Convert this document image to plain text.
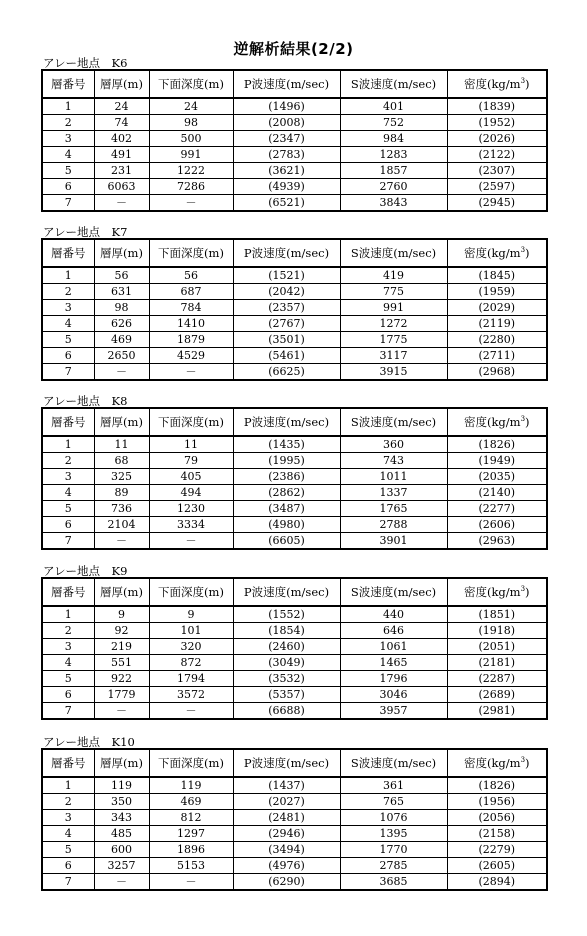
逆解析結果(2/2)
アレー地点　K6
層番号	層厚(m)	下面深度(m)	P波速度(m/sec)	S波速度(m/sec)	密度$(kg/m^3)$
1	24	24	(1496)	401	(1839)
2	74	98	(2008)	752	(1952)
3	402	500	(2347)	984	(2026)
4	491	991	(2783)	1283	(2122)
5	231	1222	(3621)	1857	(2307)
6	6063	7286	(4939)	2760	(2597)
7	－	－	(6521)	3843	(2945)
アレー地点　K7
層番号	層厚(m)	下面深度(m)	P波速度(m/sec)	S波速度(m/sec)	密度$(kg/m^3)$
1	56	56	(1521)	419	(1845)
2	631	687	(2042)	775	(1959)
3	98	784	(2357)	991	(2029)
4	626	1410	(2767)	1272	(2119)
5	469	1879	(3501)	1775	(2280)
6	2650	4529	(5461)	3117	(2711)
7	－	－	(6625)	3915	(2968)
アレー地点　K8
層番号	層厚(m)	下面深度(m)	P波速度(m/sec)	S波速度(m/sec)	密度$(kg/m^3)$
1	11	11	(1435)	360	(1826)
2	68	79	(1995)	743	(1949)
3	325	405	(2386)	1011	(2035)
4	89	494	(2862)	1337	(2140)
5	736	1230	(3487)	1765	(2277)
6	2104	3334	(4980)	2788	(2606)
7	－	－	(6605)	3901	(2963)
アレー地点　K9
層番号	層厚(m)	下面深度(m)	P波速度(m/sec)	S波速度(m/sec)	密度$(kg/m^3)$
1	9	9	(1552)	440	(1851)
2	92	101	(1854)	646	(1918)
3	219	320	(2460)	1061	(2051)
4	551	872	(3049)	1465	(2181)
5	922	1794	(3532)	1796	(2287)
6	1779	3572	(5357)	3046	(2689)
7	－	－	(6688)	3957	(2981)
アレー地点　K10
層番号	層厚(m)	下面深度(m)	P波速度(m/sec)	S波速度(m/sec)	密度$(kg/m^3)$
1	119	119	(1437)	361	(1826)
2	350	469	(2027)	765	(1956)
3	343	812	(2481)	1076	(2056)
4	485	1297	(2946)	1395	(2158)
5	600	1896	(3494)	1770	(2279)
6	3257	5153	(4976)	2785	(2605)
7	－	－	(6290)	3685	(2894)
